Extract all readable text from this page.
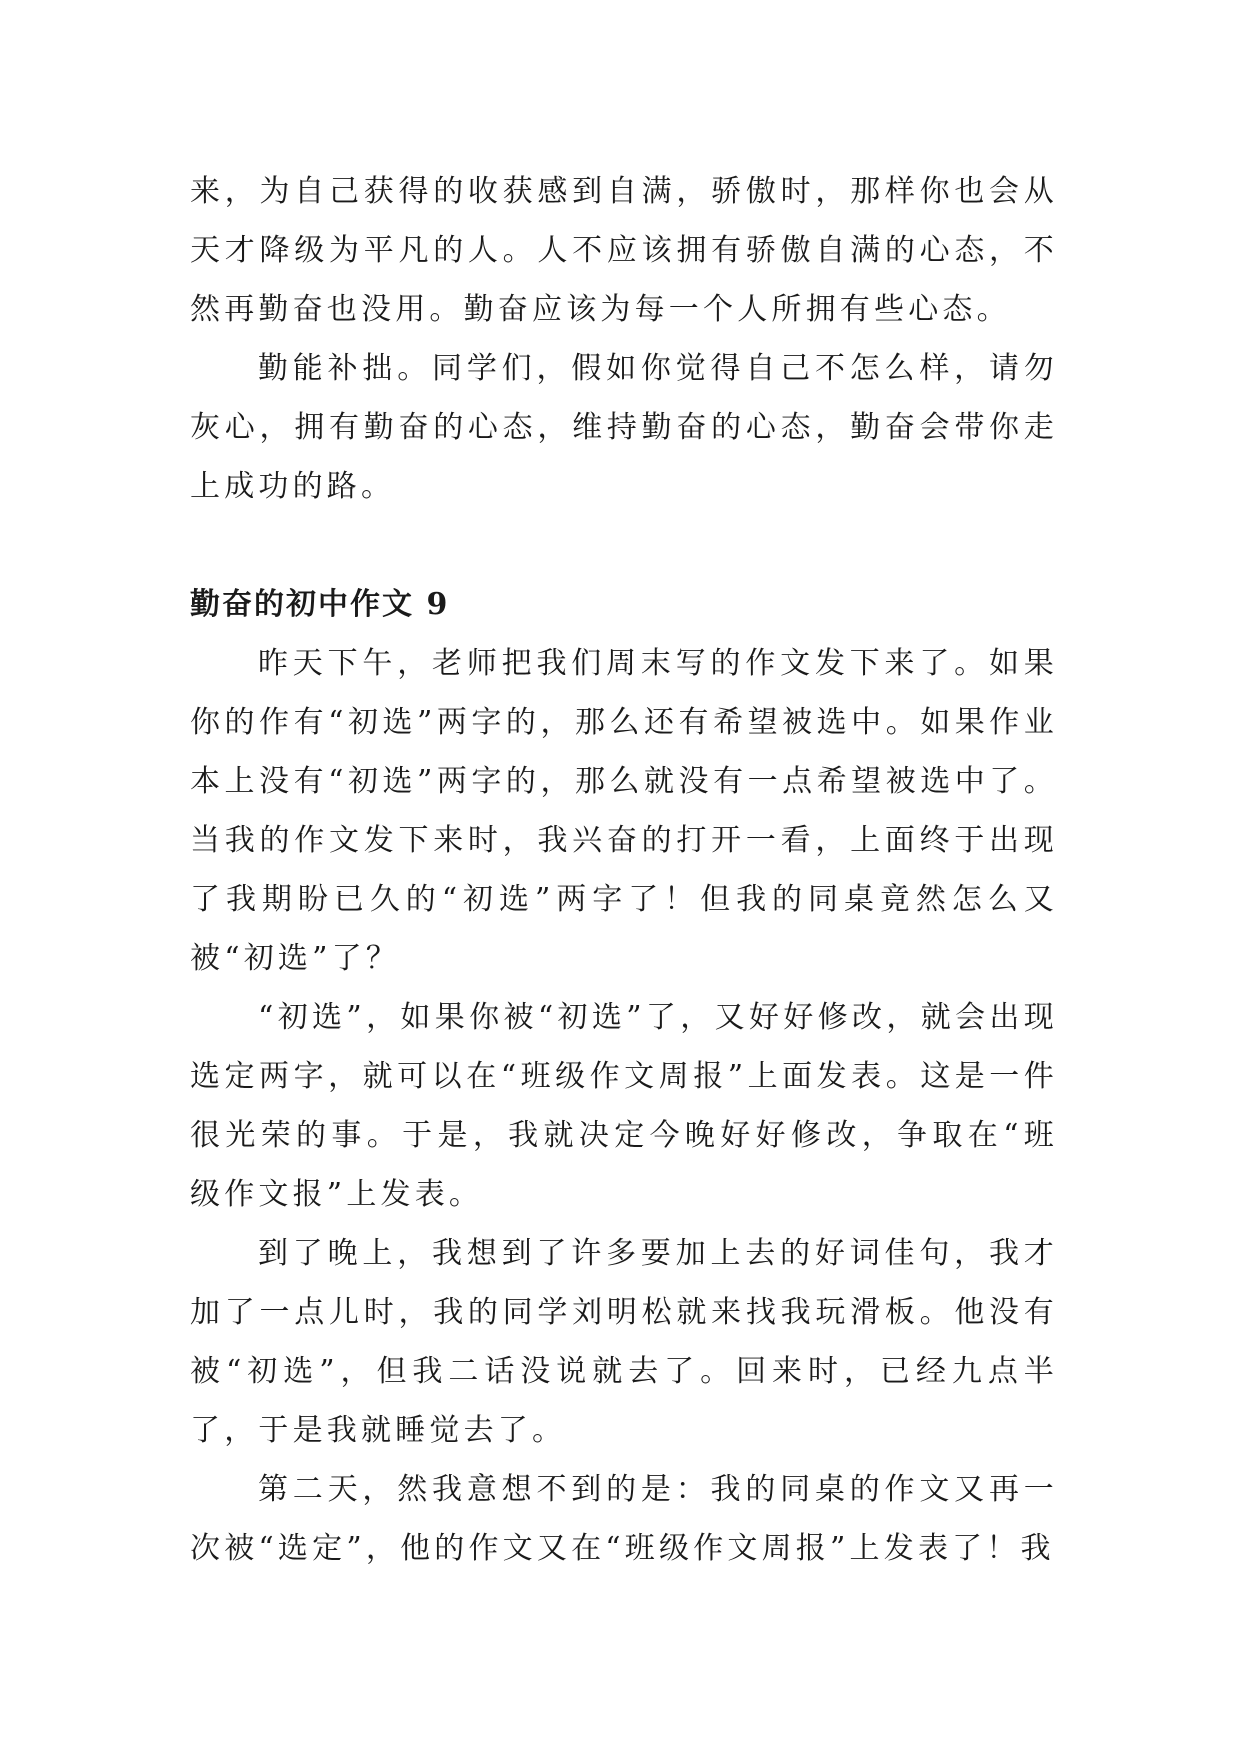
来，为自己获得的收获感到自满，骄傲时，那样你也会从天才降级为平凡的人。人不应该拥有骄傲自满的心态，不然再勤奋也没用。勤奋应该为每一个人所拥有些心态。

勤能补拙。同学们，假如你觉得自己不怎么样，请勿灰心，拥有勤奋的心态，维持勤奋的心态，勤奋会带你走上成功的路。

勤奋的初中作文 9

昨天下午，老师把我们周末写的作文发下来了。如果你的作有“初选”两字的，那么还有希望被选中。如果作业本上没有“初选”两字的，那么就没有一点希望被选中了。当我的作文发下来时，我兴奋的打开一看，上面终于出现了我期盼已久的“初选”两字了！但我的同桌竟然怎么又被“初选”了？

“初选”，如果你被“初选”了，又好好修改，就会出现选定两字，就可以在“班级作文周报”上面发表。这是一件很光荣的事。于是，我就决定今晚好好修改，争取在“班级作文报”上发表。

到了晚上，我想到了许多要加上去的好词佳句，我才加了一点儿时，我的同学刘明松就来找我玩滑板。他没有被“初选”，但我二话没说就去了。回来时，已经九点半了，于是我就睡觉去了。

第二天，然我意想不到的是：我的同桌的作文又再一次被“选定”，他的作文又在“班级作文周报”上发表了！我
